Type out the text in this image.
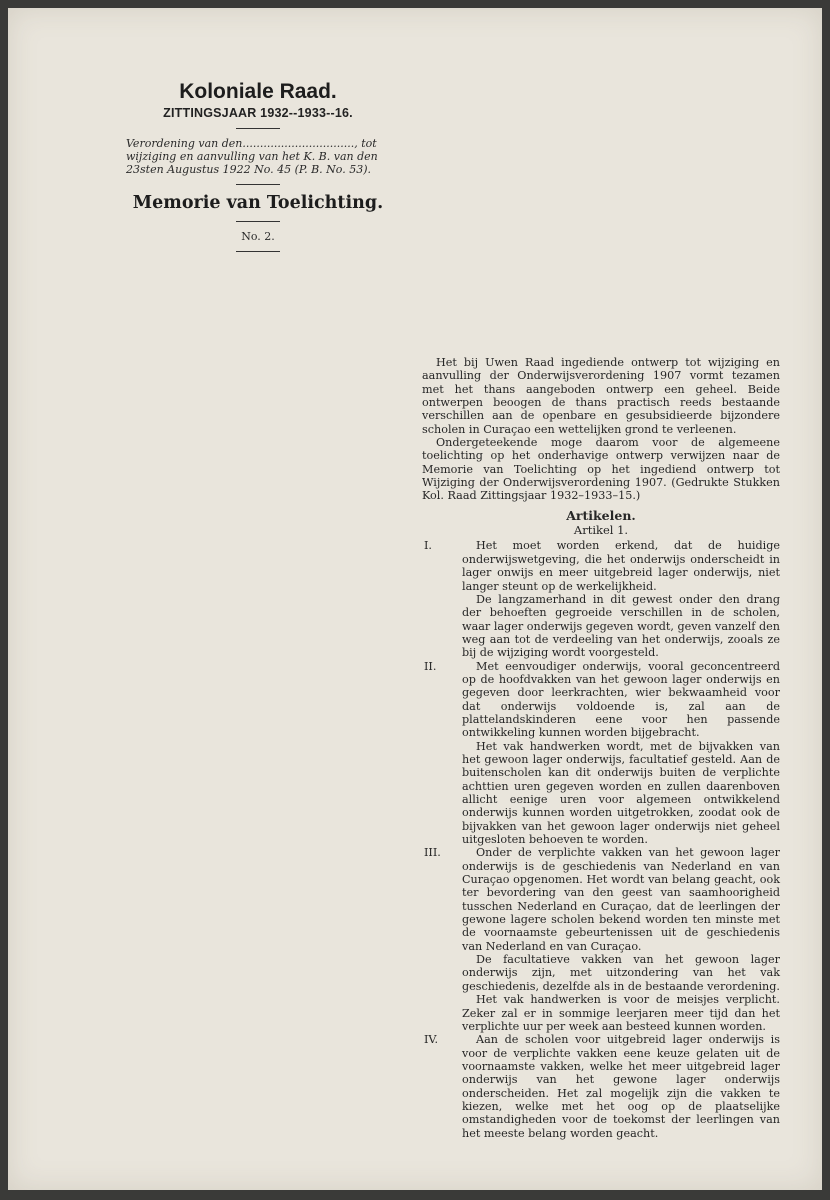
Koloniale Raad.
ZITTINGSJAAR 1932--1933--16.
Verordening van den................................, tot wijziging en aanvulling van het K. B. van den 23sten Augustus 1922 No. 45 (P. B. No. 53).
Memorie van Toelichting.
No. 2.

Het bij Uwen Raad ingediende ontwerp tot wijziging en aanvulling der Onderwijsverordening 1907 vormt tezamen met het thans aangeboden ontwerp een geheel. Beide ontwerpen beoogen de thans practisch reeds bestaande verschillen aan de openbare en gesubsidieerde bijzondere scholen in Curaçao een wettelijken grond te verleenen.

Ondergeteekende moge daarom voor de algemeene toelichting op het onderhavige ontwerp verwijzen naar de Memorie van Toelichting op het ingediend ontwerp tot Wijziging der Onderwijsverordening 1907. (Gedrukte Stukken Kol. Raad Zittingsjaar 1932–1933–15.)

Artikelen.
Artikel 1.
I.	Het moet worden erkend, dat de huidige onderwijswetgeving, die het onderwijs onderscheidt in lager onwijs en meer uitgebreid lager onderwijs, niet langer steunt op de werkelijkheid.

De langzamerhand in dit gewest onder den drang der behoeften gegroeide verschillen in de scholen, waar lager onderwijs gegeven wordt, geven vanzelf den weg aan tot de verdeeling van het onderwijs, zooals ze bij de wijziging wordt voorgesteld.

II.	Met eenvoudiger onderwijs, vooral geconcentreerd op de hoofdvakken van het gewoon lager onderwijs en gegeven door leerkrachten, wier bekwaamheid voor dat onderwijs voldoende is, zal aan de plattelandskinderen eene voor hen passende ontwikkeling kunnen worden bijgebracht.

Het vak handwerken wordt, met de bijvakken van het gewoon lager onderwijs, facultatief gesteld. Aan de buitenscholen kan dit onderwijs buiten de verplichte achttien uren gegeven worden en zullen daarenboven allicht eenige uren voor algemeen ontwikkelend onderwijs kunnen worden uitgetrokken, zoodat ook de bijvakken van het gewoon lager onderwijs niet geheel uitgesloten behoeven te worden.

III.	Onder de verplichte vakken van het gewoon lager onderwijs is de geschiedenis van Nederland en van Curaçao opgenomen. Het wordt van belang geacht, ook ter bevordering van den geest van saamhoorigheid tusschen Nederland en Curaçao, dat de leerlingen der gewone lagere scholen bekend worden ten minste met de voornaamste gebeurtenissen uit de geschiedenis van Nederland en van Curaçao.

De facultatieve vakken van het gewoon lager onderwijs zijn, met uitzondering van het vak geschiedenis, dezelfde als in de bestaande verordening.

Het vak handwerken is voor de meisjes verplicht. Zeker zal er in sommige leerjaren meer tijd dan het verplichte uur per week aan besteed kunnen worden.

IV.	Aan de scholen voor uitgebreid lager onderwijs is voor de verplichte vakken eene keuze gelaten uit de voornaamste vakken, welke het meer uitgebreid lager onderwijs van het gewone lager onderwijs onderscheiden. Het zal mogelijk zijn die vakken te kiezen, welke met het oog op de plaatselijke omstandigheden voor de toekomst der leerlingen van het meeste belang worden geacht.
